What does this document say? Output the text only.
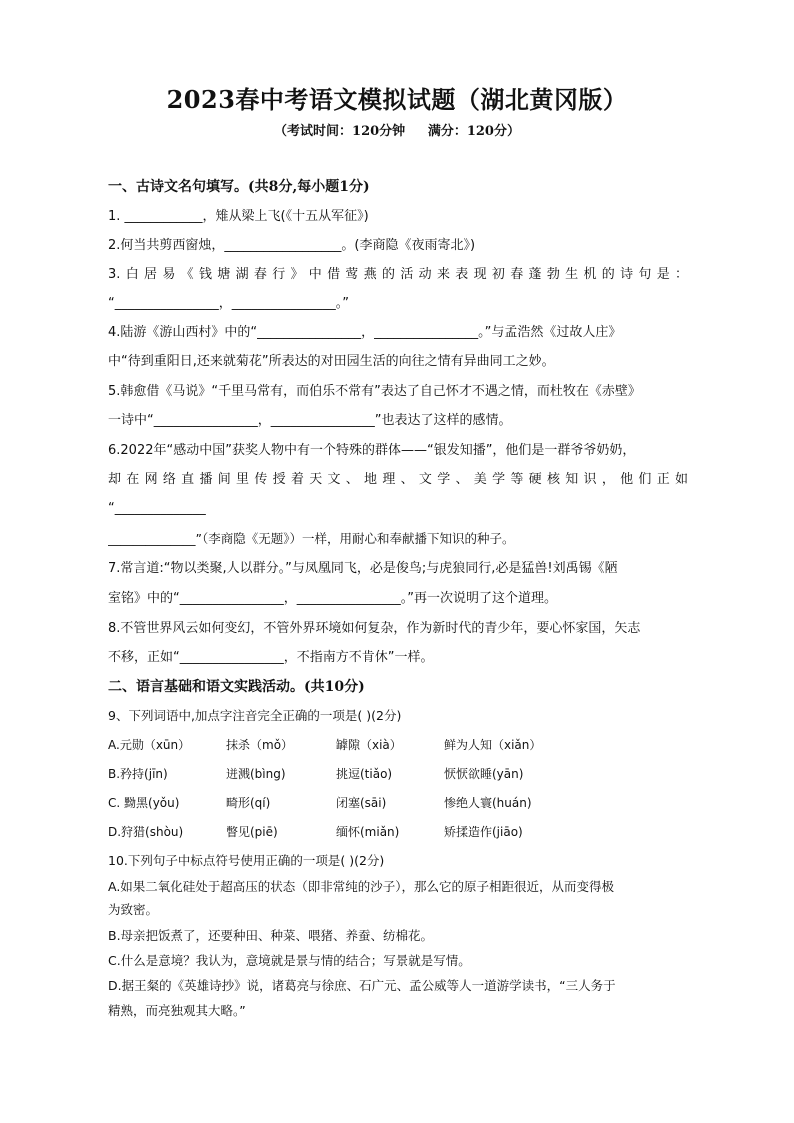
2023春中考语文模拟试题（湖北黄冈版）
（考试时间：120分钟     满分：120分）
一、古诗文名句填写。(共8分,每小题1分)
1. ____________，雉从梁上飞(《十五从军征》)
2.何当共剪西窗烛，__________________。(李商隐《夜雨寄北》)
3.白居易《钱塘湖春行》中借莺燕的活动来表现初春蓬勃生机的诗句是：
“________________，________________。”
4.陆游《游山西村》中的“________________，________________。”与孟浩然《过故人庄》
中“待到重阳日,还来就菊花”所表达的对田园生活的向往之情有异曲同工之妙。
5.韩愈借《马说》“千里马常有，而伯乐不常有”表达了自己怀才不遇之情，而杜牧在《赤壁》
一诗中“________________，________________”也表达了这样的感情。
6.2022年“感动中国”获奖人物中有一个特殊的群体——“银发知播”，他们是一群爷爷奶奶，
却在网络直播间里传授着天文、地理、文学、美学等硬核知识，他们正如
“______________
______________”（李商隐《无题》）一样，用耐心和奉献播下知识的种子。
7.常言道:“物以类聚,人以群分。”与凤凰同飞，必是俊鸟;与虎狼同行,必是猛兽!刘禹锡《陋
室铭》中的“________________，________________。”再一次说明了这个道理。
8.不管世界风云如何变幻，不管外界环境如何复杂，作为新时代的青少年，要心怀家国，矢志
不移，正如“________________，不指南方不肯休”一样。
二、语言基础和语文实践活动。(共10分)
9、下列词语中,加点字注音完全正确的一项是( )(2分)
A.元勋（xūn）	抹杀（mǒ）	罅隙（xià）	鲜为人知（xiǎn）
B.矜持(jīn)	迸溅(bìng)	挑逗(tiǎo)	恹恹欲睡(yān)
C. 黝黑(yǒu)	畸形(qí)	闭塞(sāi)	惨绝人寰(huán)
D.狩猎(shòu)	瞥见(piē)	缅怀(miǎn)	矫揉造作(jiāo)
10.下列句子中标点符号使用正确的一项是( )(2分)
A.如果二氧化硅处于超高压的状态（即非常纯的沙子），那么它的原子相距很近，从而变得极
为致密。
B.母亲把饭煮了，还要种田、种菜、喂猪、养蚕、纺棉花。
C.什么是意境？我认为，意境就是景与情的结合；写景就是写情。
D.据王粲的《英雄诗抄》说，诸葛亮与徐庶、石广元、孟公威等人一道游学读书，“三人务于
精熟，而亮独观其大略。”
